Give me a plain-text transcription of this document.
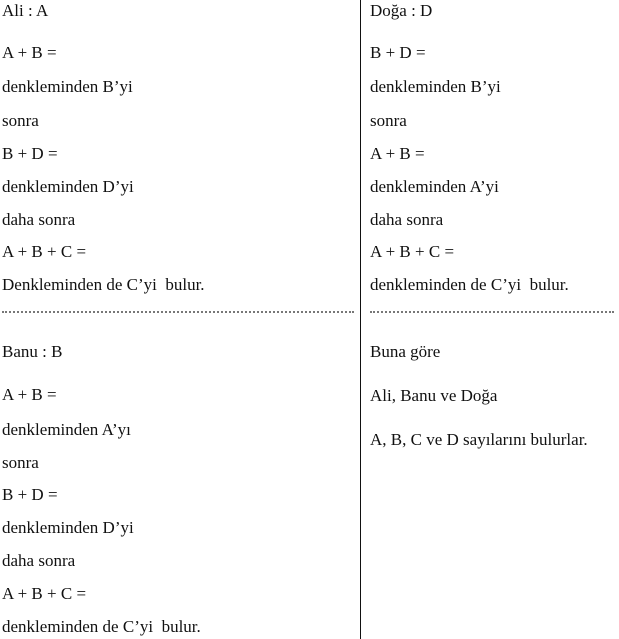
Ali : A

A + B =

denkleminden B’yi

sonra

B + D =

denkleminden D’yi

daha sonra

A + B + C =

Denkleminden de C’yi  bulur.

Doğa : D

B + D =

denkleminden B’yi

sonra

A + B =

denkleminden A’yi

daha sonra

A + B + C =

denkleminden de C’yi  bulur.

Banu : B

A + B =

denkleminden A’yı

sonra

B + D =

denkleminden D’yi

daha sonra

A + B + C =

denkleminden de C’yi  bulur.

Buna göre

Ali, Banu ve Doğa

A, B, C ve D sayılarını bulurlar.
